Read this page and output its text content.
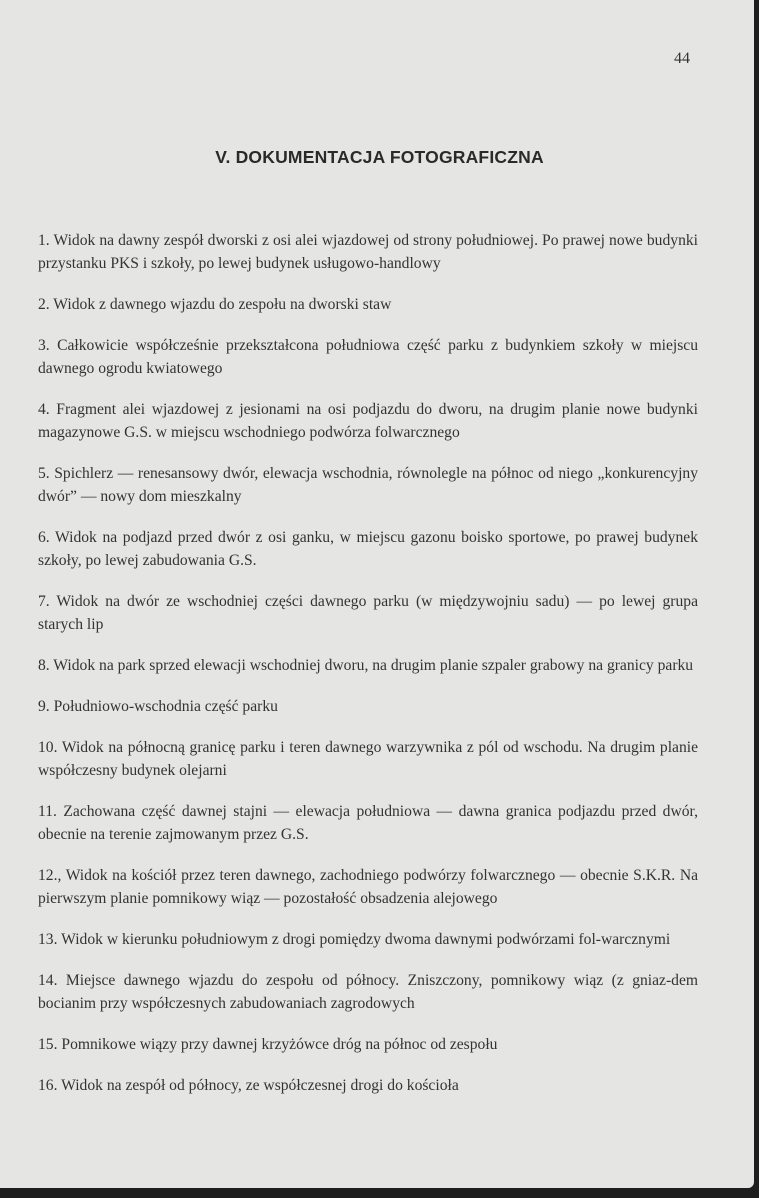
44
V. DOKUMENTACJA FOTOGRAFICZNA

1. Widok na dawny zespół dworski z osi alei wjazdowej od strony południowej. Po prawej nowe budynki przystanku PKS i szkoły, po lewej budynek usługowo-handlowy

2. Widok z dawnego wjazdu do zespołu na dworski staw

3. Całkowicie współcześnie przekształcona południowa część parku z budynkiem szkoły w miejscu dawnego ogrodu kwiatowego

4. Fragment alei wjazdowej z jesionami na osi podjazdu do dworu, na drugim planie nowe budynki magazynowe G.S. w miejscu wschodniego podwórza folwarcznego

5. Spichlerz — renesansowy dwór, elewacja wschodnia, równolegle na północ od niego „konkurencyjny dwór” — nowy dom mieszkalny

6. Widok na podjazd przed dwór z osi ganku, w miejscu gazonu boisko sportowe, po prawej budynek szkoły, po lewej zabudowania G.S.

7. Widok na dwór ze wschodniej części dawnego parku (w międzywojniu sadu) — po lewej grupa starych lip

8. Widok na park sprzed elewacji wschodniej dworu, na drugim planie szpaler grabowy na granicy parku

9. Południowo-wschodnia część parku

10. Widok na północną granicę parku i teren dawnego warzywnika z pól od wschodu. Na drugim planie współczesny budynek olejarni

11. Zachowana część dawnej stajni — elewacja południowa — dawna granica podjazdu przed dwór, obecnie na terenie zajmowanym przez G.S.

12., Widok na kościół przez teren dawnego, zachodniego podwórzy folwarcznego — obecnie S.K.R. Na pierwszym planie pomnikowy wiąz — pozostałość obsadzenia alejowego

13. Widok w kierunku południowym z drogi pomiędzy dwoma dawnymi podwórzami fol-warcznymi

14. Miejsce dawnego wjazdu do zespołu od północy. Zniszczony, pomnikowy wiąz (z gniaz-dem bocianim przy współczesnych zabudowaniach zagrodowych

15. Pomnikowe wiązy przy dawnej krzyżówce dróg na północ od zespołu

16. Widok na zespół od północy, ze współczesnej drogi do kościoła
